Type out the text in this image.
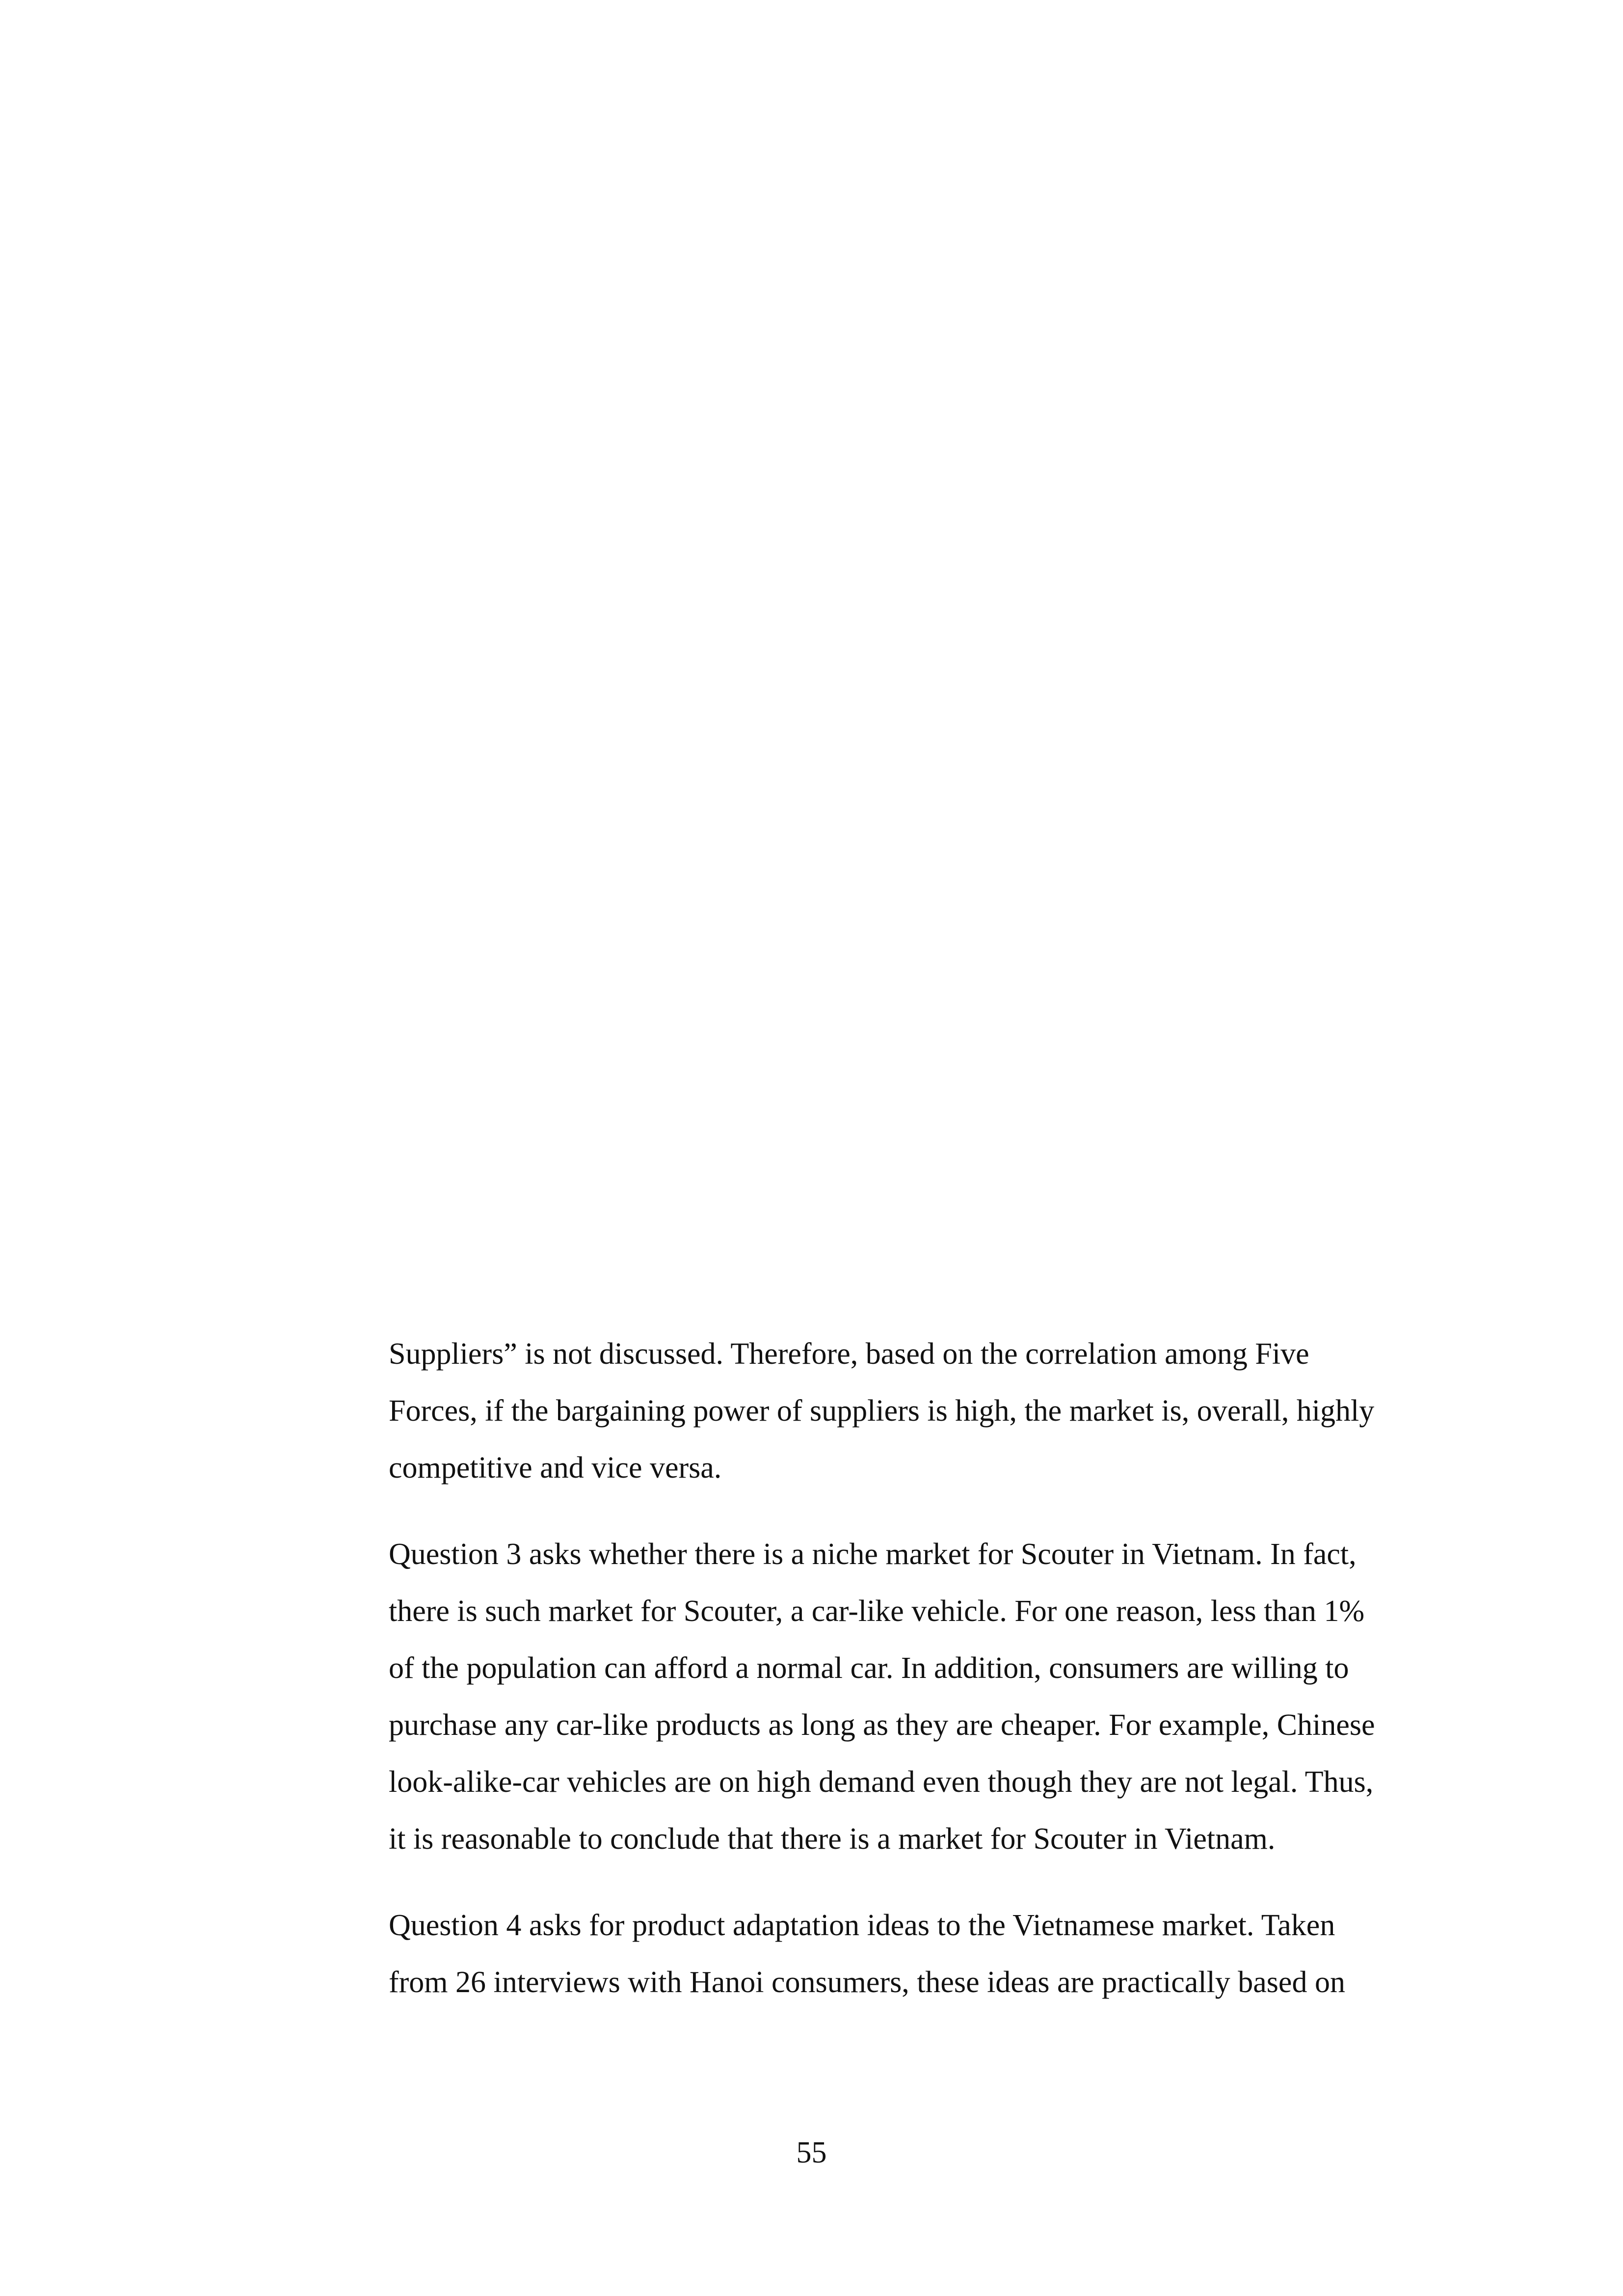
Suppliers” is not discussed. Therefore, based on the correlation among Five
Forces, if the bargaining power of suppliers is high, the market is, overall, highly
competitive and vice versa.
Question 3 asks whether there is a niche market for Scouter in Vietnam. In fact,
there is such market for Scouter, a car-like vehicle. For one reason, less than 1%
of the population can afford a normal car. In addition, consumers are willing to
purchase any car-like products as long as they are cheaper. For example, Chinese
look-alike-car vehicles are on high demand even though they are not legal. Thus,
it is reasonable to conclude that there is a market for Scouter in Vietnam.
Question 4 asks for product adaptation ideas to the Vietnamese market. Taken
from 26 interviews with Hanoi consumers, these ideas are practically based on
55
